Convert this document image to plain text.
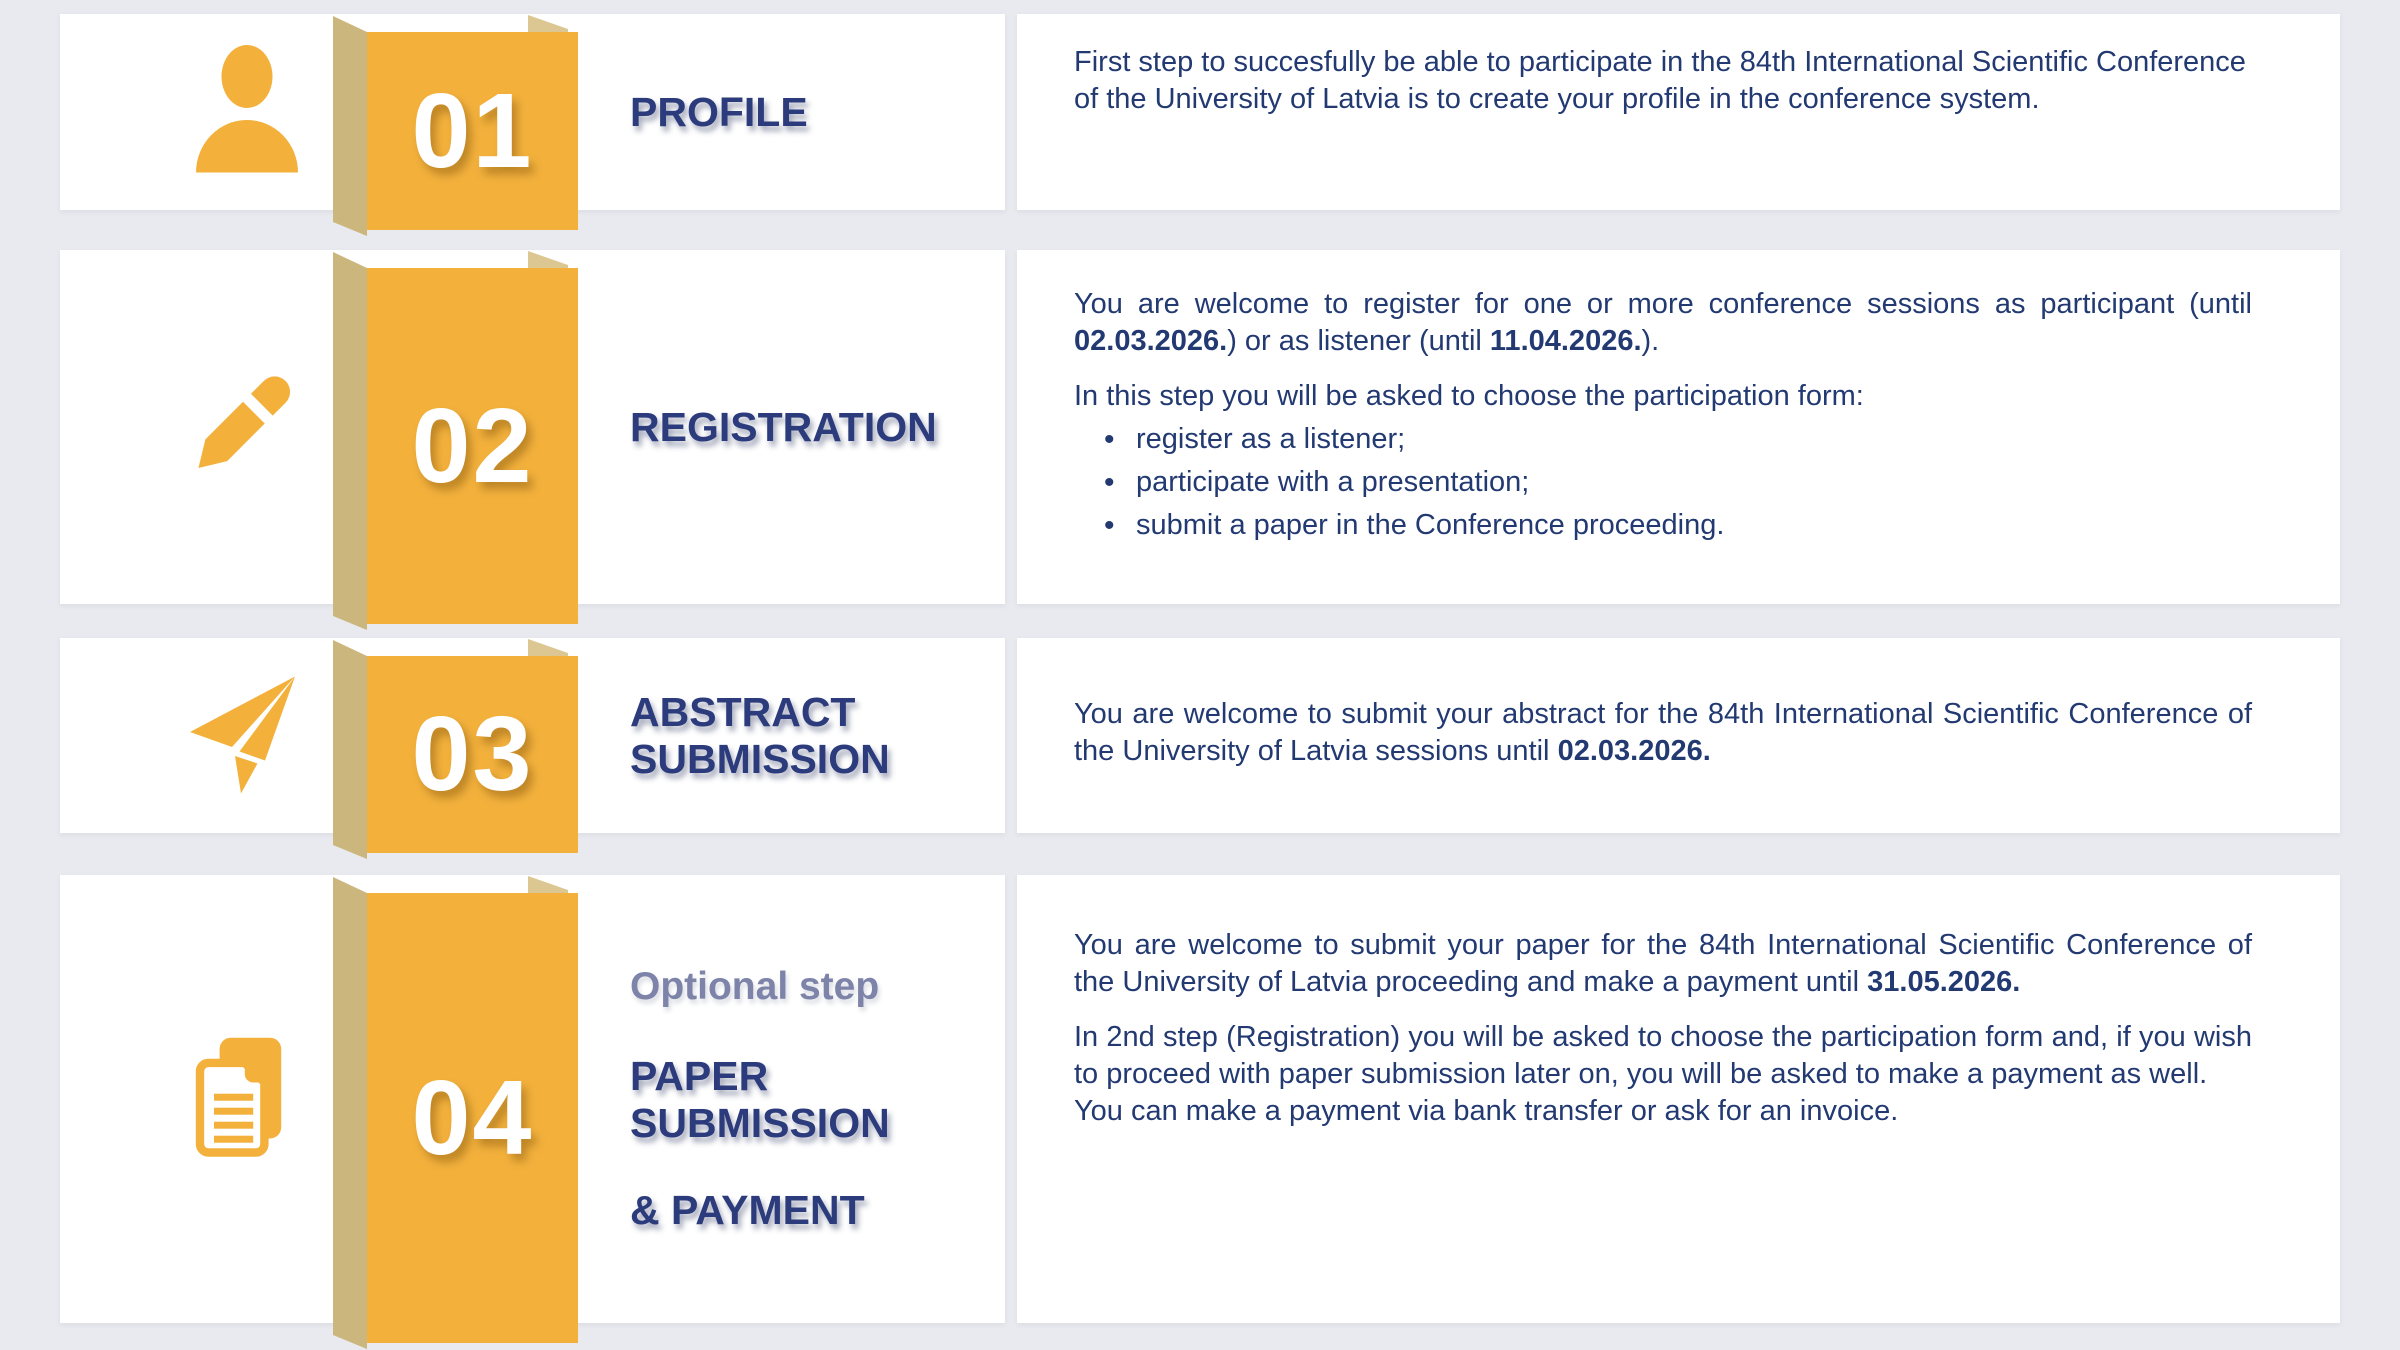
01	PROFILE

First step to succesfully be able to participate in the 84th International Scientific Conference of the University of Latvia is to create your profile in the conference system.

02	REGISTRATION

You are welcome to register for one or more conference sessions as participant (until 02.03.2026.) or as listener (until 11.04.2026.).

In this step you will be asked to choose the participation form:

• register as a listener;
• participate with a presentation;
• submit a paper in the Conference proceeding.
03	ABSTRACT
SUBMISSION

You are welcome to submit your abstract for the 84th International Scientific Conference of the University of Latvia sessions until 02.03.2026.

04
Optional step
PAPER
SUBMISSION
& PAYMENT

You are welcome to submit your paper for the 84th International Scientific Conference of the University of Latvia proceeding and make a payment until 31.05.2026.

In 2nd step (Registration) you will be asked to choose the participation form and, if you wish to proceed with paper submission later on, you will be asked to make a payment as well.

You can make a payment via bank transfer or ask for an invoice.
